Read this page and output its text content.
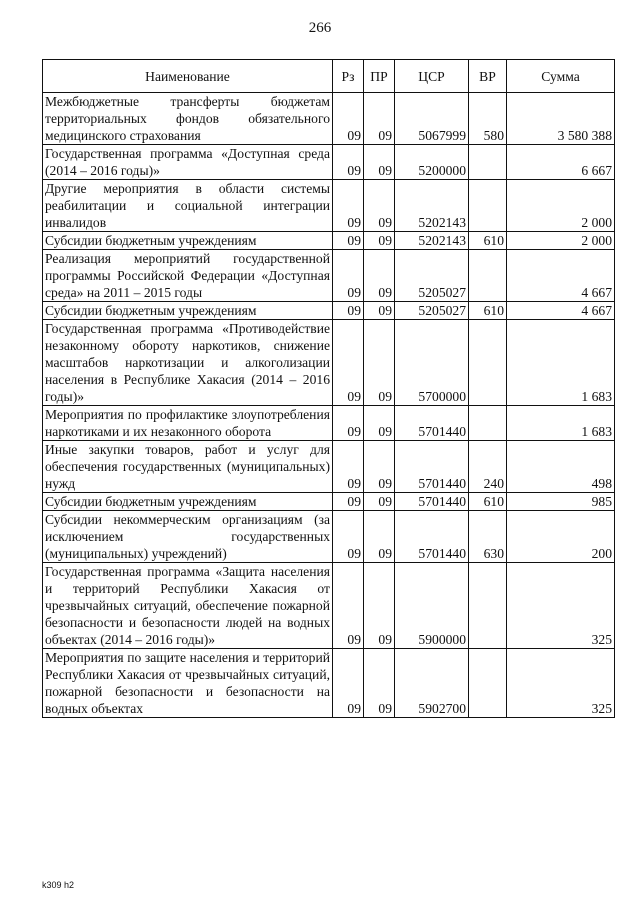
266
Наименование	Рз	ПР	ЦСР	ВР	Сумма
Межбюджетные трансферты бюджетам территориальных фондов обязательного медицинского страхования	09	09	5067999	580	3 580 388
Государственная программа «Доступная среда (2014 – 2016 годы)»	09	09	5200000		6 667
Другие мероприятия в области системы реабилитации и социальной интеграции инвалидов	09	09	5202143		2 000
Субсидии бюджетным учреждениям	09	09	5202143	610	2 000
Реализация мероприятий государственной программы Российской Федерации «Доступная среда» на 2011 – 2015 годы	09	09	5205027		4 667
Субсидии бюджетным учреждениям	09	09	5205027	610	4 667
Государственная программа «Противодействие незаконному обороту наркотиков, снижение масштабов наркотизации и алкоголизации населения в Республике Хакасия (2014 – 2016 годы)»	09	09	5700000		1 683
Мероприятия по профилактике злоупотребления наркотиками и их незаконного оборота	09	09	5701440		1 683
Иные закупки товаров, работ и услуг для обеспечения государственных (муниципальных) нужд	09	09	5701440	240	498
Субсидии бюджетным учреждениям	09	09	5701440	610	985
Субсидии некоммерческим организациям (за исключением государственных (муниципальных) учреждений)	09	09	5701440	630	200
Государственная программа «Защита населения и территорий Республики Хакасия от чрезвычайных ситуаций, обеспечение пожарной безопасности и безопасности людей на водных объектах (2014 – 2016 годы)»	09	09	5900000		325
Мероприятия по защите населения и территорий Республики Хакасия от чрезвычайных ситуаций, пожарной безопасности и безопасности на водных объектах	09	09	5902700		325
k309 h2
